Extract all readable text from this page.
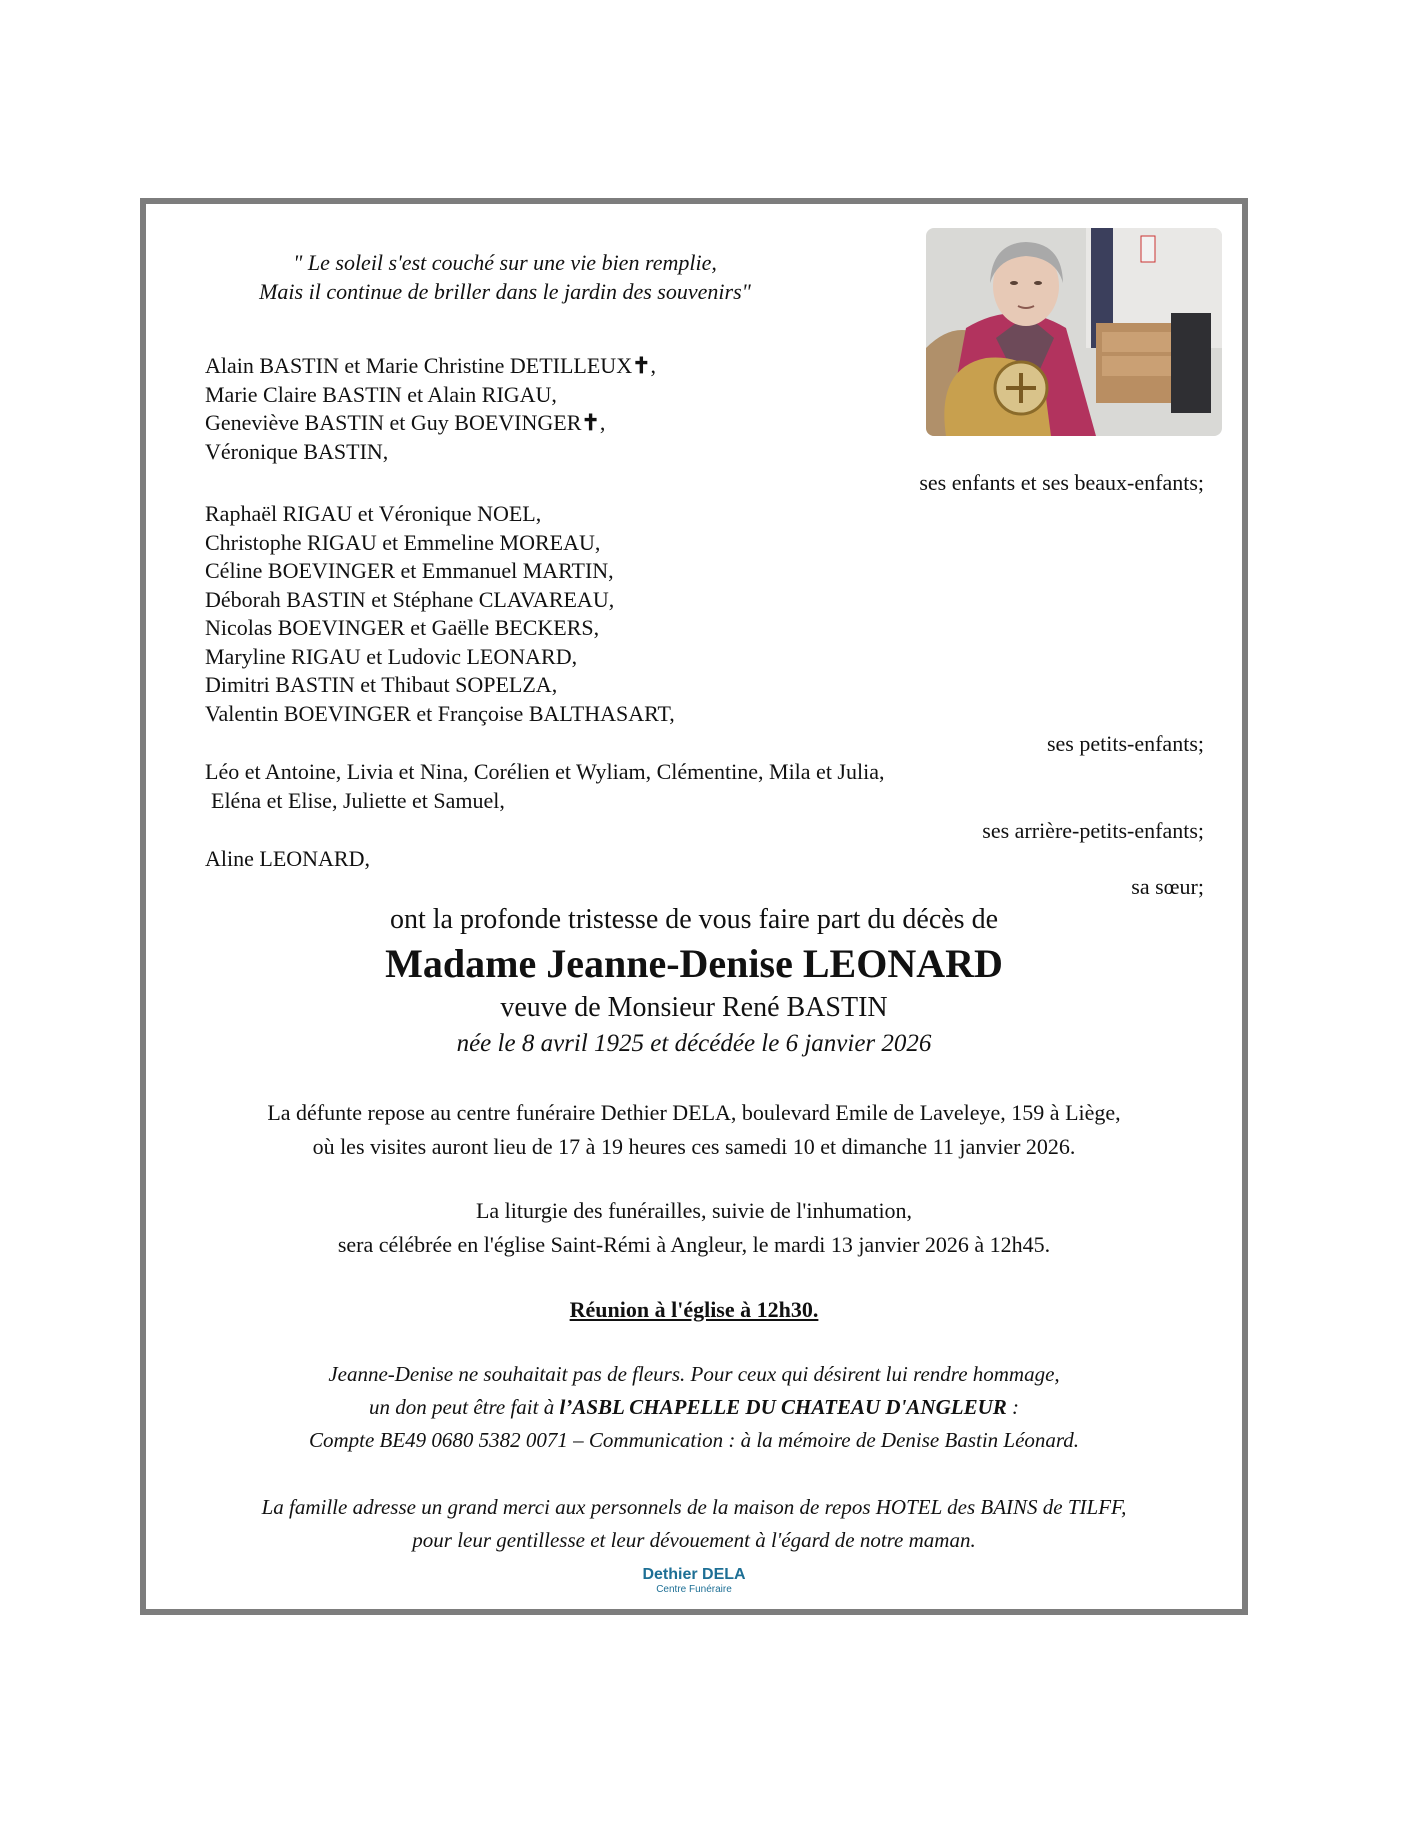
" Le soleil s'est couché sur une vie bien remplie,
Mais il continue de briller dans le jardin des souvenirs"
Alain BASTIN et Marie Christine DETILLEUX✝,
Marie Claire BASTIN et Alain RIGAU,
Geneviève BASTIN et Guy BOEVINGER✝,
Véronique BASTIN,
ses enfants et ses beaux-enfants;
Raphaël RIGAU et Véronique NOEL,
Christophe RIGAU et Emmeline MOREAU,
Céline BOEVINGER et Emmanuel MARTIN,
Déborah BASTIN et Stéphane CLAVAREAU,
Nicolas BOEVINGER et Gaëlle BECKERS,
Maryline RIGAU et Ludovic LEONARD,
Dimitri BASTIN et Thibaut SOPELZA,
Valentin BOEVINGER et Françoise BALTHASART,
ses petits-enfants;
Léo et Antoine, Livia et Nina, Corélien et Wyliam, Clémentine, Mila et Julia,
Eléna et Elise, Juliette et Samuel,
ses arrière-petits-enfants;
Aline LEONARD,
sa sœur;
ont la profonde tristesse de vous faire part du décès de
Madame Jeanne-Denise LEONARD
veuve de Monsieur René BASTIN
née le 8 avril 1925 et décédée le 6 janvier 2026
La défunte repose au centre funéraire Dethier DELA, boulevard Emile de Laveleye, 159 à Liège,
où les visites auront lieu de 17 à 19 heures ces samedi 10 et dimanche 11 janvier 2026.
La liturgie des funérailles, suivie de l'inhumation,
sera célébrée en l'église Saint-Rémi à Angleur, le mardi 13 janvier 2026 à 12h45.
Réunion à l'église à 12h30.
Jeanne-Denise ne souhaitait pas de fleurs. Pour ceux qui désirent lui rendre hommage,
un don peut être fait à l’ASBL CHAPELLE DU CHATEAU D'ANGLEUR :
Compte BE49 0680 5382 0071 – Communication : à la mémoire de Denise Bastin Léonard.
La famille adresse un grand merci aux personnels de la maison de repos HOTEL des BAINS de TILFF,
pour leur gentillesse et leur dévouement à l'égard de notre maman.
Dethier DELA
Centre Funéraire
